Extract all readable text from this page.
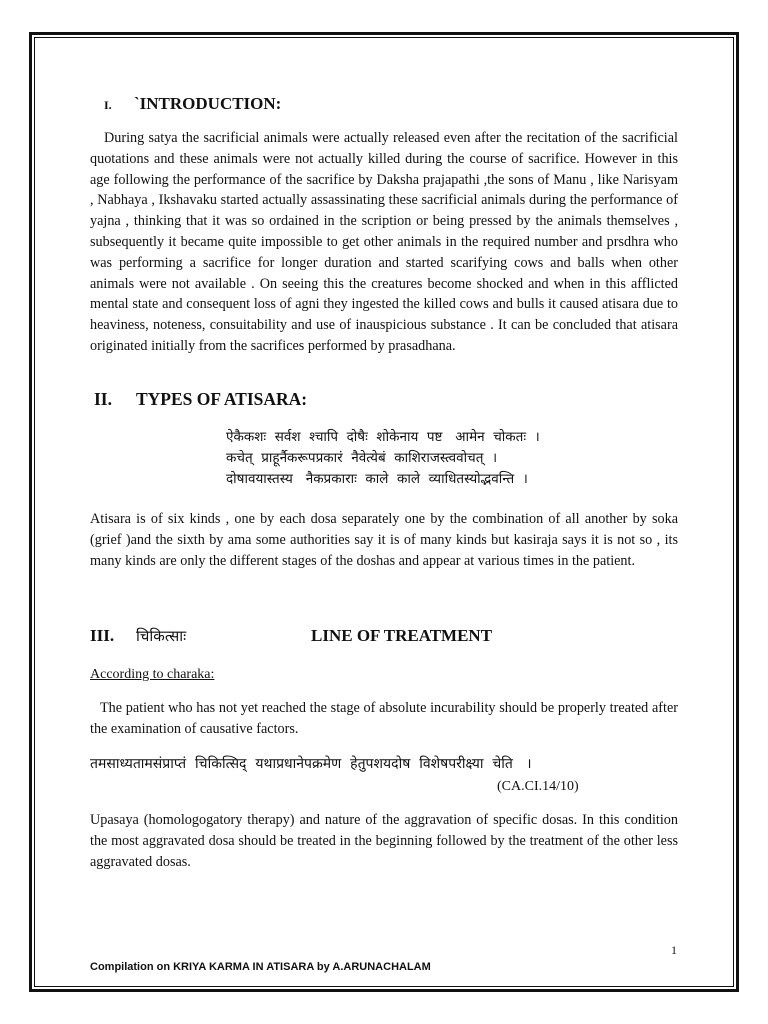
I.	`INTRODUCTION:

During satya the sacrificial animals were actually released even after the recitation of the sacrificial quotations and these animals were not actually killed during the course of sacrifice. However in this age following the performance of the sacrifice by Daksha prajapathi ,the sons of Manu , like Narisyam , Nabhaya , Ikshavaku started actually assassinating these sacrificial animals during the performance of yajna , thinking that it was so ordained in the scription or being pressed by the animals themselves , subsequently it became quite impossible to get other animals in the required number and prsdhra who was performing a sacrifice for longer duration and started scarifying cows and balls when other animals were not available . On seeing this the creatures become shocked and when in this afflicted mental state and consequent loss of agni they ingested the killed cows and bulls it caused atisara due to heaviness, noteness, consuitability and use of inauspicious substance . It can be concluded that atisara originated initially from the sacrifices performed by prasadhana.

II.	TYPES OF ATISARA:
ऐकैकशः  सर्वश  श्चापि  दोषैः  शोकेनाय  पष्ट   आमेन  चोकतः  ।
कचेत्  प्राहूर्नैकरूपप्रकारं  नैवेत्येबं  काशिराजस्त्ववोचत्  ।
दोषावयास्तस्य   नैकप्रकाराः  काले  काले  व्याधितस्योद्भवन्ति  ।

Atisara is of six kinds , one by each dosa separately one by the combination of all another by soka (grief )and the sixth by ama some authorities say it is of many kinds but kasiraja says it is not so , its many kinds are only the different stages of the doshas and appear at various times in the patient.

III.	चिकित्साः	LINE OF TREATMENT
According to charaka:

The patient who has not yet reached the stage of absolute incurability should be properly treated after the examination of causative factors.

तमसाध्यतामसंप्राप्तं  चिकित्सिद्  यथाप्रधानेपक्रमेण  हेतुपशयदोष  विशेषपरीक्ष्या  चेति   ।
(CA.CI.14/10)

Upasaya (homologogatory therapy) and nature of the aggravation of specific dosas. In this condition the most aggravated dosa should be treated in the beginning followed by the treatment of the other less aggravated dosas.

1
Compilation on KRIYA KARMA IN ATISARA by A.ARUNACHALAM
